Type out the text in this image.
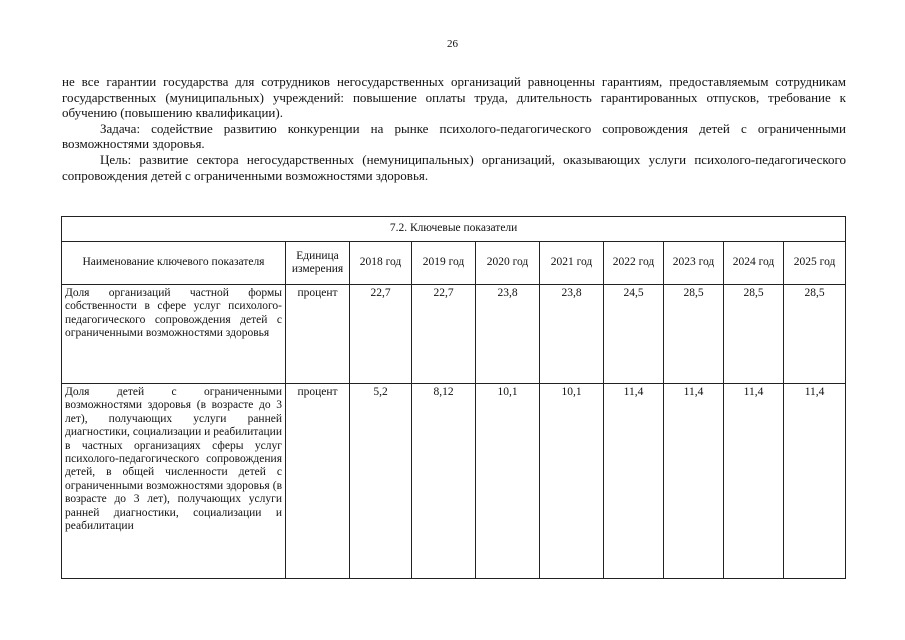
26

не все гарантии государства для сотрудников негосударственных организаций равноценны гарантиям, предоставляемым сотрудникам государственных (муниципальных) учреждений: повышение оплаты труда, длительность гарантированных отпусков, требование к обучению (повышению квалификации).

Задача: содействие развитию конкуренции на рынке психолого-педагогического сопровождения детей с ограниченными возможностями здоровья.

Цель: развитие сектора негосударственных (немуниципальных) организаций, оказывающих услуги психолого-педагогического сопровождения детей с ограниченными возможностями здоровья.

7.2. Ключевые показатели									
Наименование ключевого показателя	Единица измерения	2018 год	2019 год	2020 год	2021 год	2022 год	2023 год	2024 год	2025 год
Доля организаций частной формы собственности в сфере услуг психолого-педагогического сопровождения детей с ограниченными возможностями здоровья	процент	22,7	22,7	23,8	23,8	24,5	28,5	28,5	28,5
Доля детей с ограниченными возможностями здоровья (в возрасте до 3 лет), получающих услуги ранней диагностики, социализации и реабилитации в частных организациях сферы услуг психолого-педагогического сопровождения детей, в общей численности детей с ограниченными возможностями здоровья (в возрасте до 3 лет), получающих услуги ранней диагностики, социализации и реабилитации	процент	5,2	8,12	10,1	10,1	11,4	11,4	11,4	11,4
